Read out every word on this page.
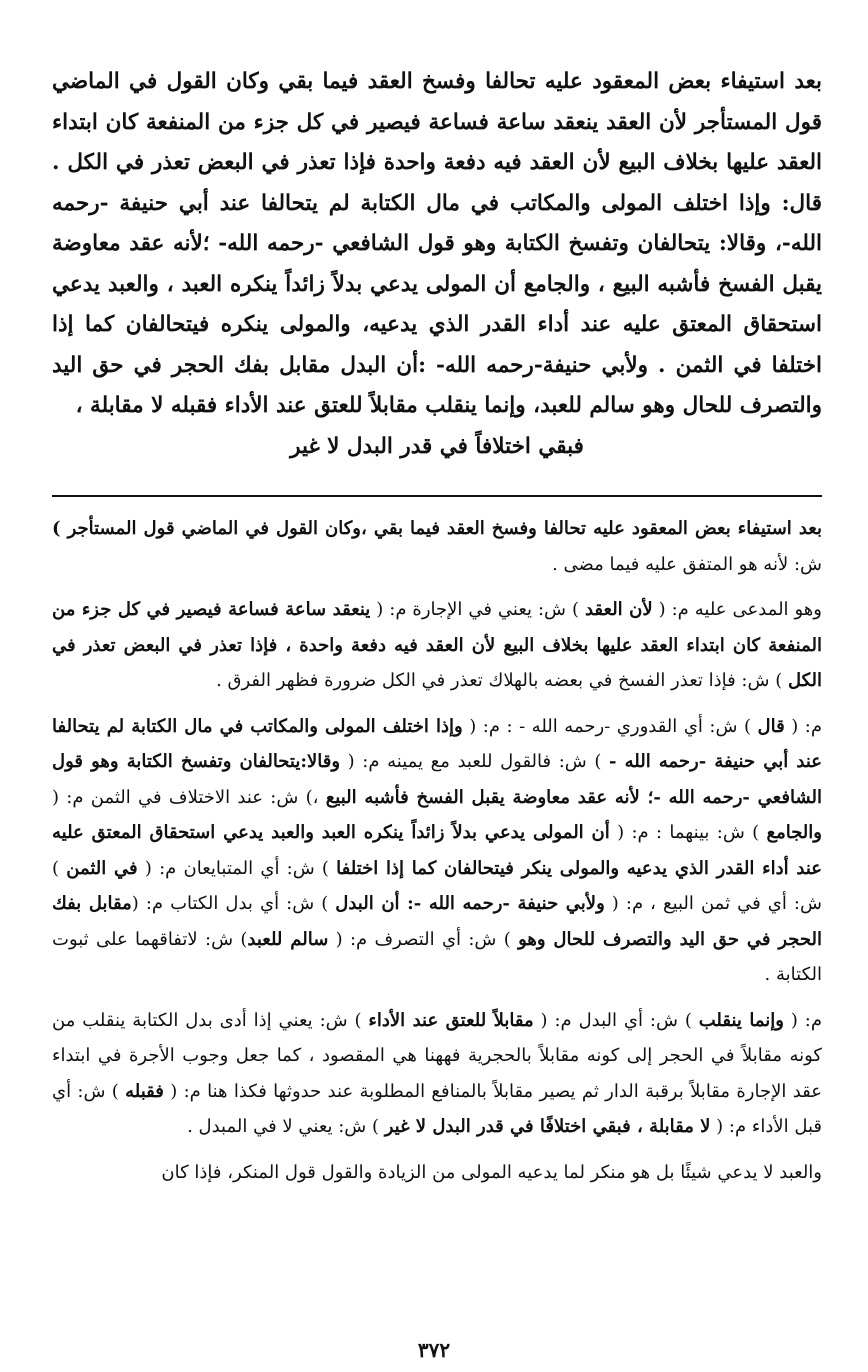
بعد استيفاء بعض المعقود عليه تحالفا وفسخ العقد فيما بقي وكان القول في الماضي قول المستأجر لأن العقد ينعقد ساعة فساعة فيصير في كل جزء من المنفعة كان ابتداء العقد عليها بخلاف البيع لأن العقد فيه دفعة واحدة فإذا تعذر في البعض تعذر في الكل . قال: وإذا اختلف المولى والمكاتب في مال الكتابة لم يتحالفا عند أبي حنيفة -رحمه الله-، وقالا: يتحالفان وتفسخ الكتابة وهو قول الشافعي -رحمه الله- ؛لأنه عقد معاوضة يقبل الفسخ فأشبه البيع ، والجامع أن المولى يدعي بدلاً زائداً ينكره العبد ، والعبد يدعي استحقاق المعتق عليه عند أداء القدر الذي يدعيه، والمولى ينكره فيتحالفان كما إذا اختلفا في الثمن . ولأبي حنيفة-رحمه الله- :أن البدل مقابل بفك الحجر في حق اليد والتصرف للحال وهو سالم للعبد، وإنما ينقلب مقابلاً للعتق عند الأداء فقبله لا مقابلة ،
فبقي اختلافاً في قدر البدل لا غير

بعد استيفاء بعض المعقود عليه تحالفا وفسخ العقد فيما بقي ،وكان القول في الماضي قول المستأجر ) ش: لأنه هو المتفق عليه فيما مضى .

وهو المدعى عليه م: ( لأن العقد ) ش: يعني في الإجارة م: ( ينعقد ساعة فساعة فيصير في كل جزء من المنفعة كان ابتداء العقد عليها بخلاف البيع لأن العقد فيه دفعة واحدة ، فإذا تعذر في البعض تعذر في الكل ) ش: فإذا تعذر الفسخ في بعضه بالهلاك تعذر في الكل ضرورة فظهر الفرق .

م: ( قال ) ش: أي القدوري -رحمه الله - : م: ( وإذا اختلف المولى والمكاتب في مال الكتابة لم يتحالفا عند أبي حنيفة -رحمه الله - ) ش: فالقول للعبد مع يمينه م: ( وقالا:يتحالفان وتفسخ الكتابة وهو قول الشافعي -رحمه الله -؛ لأنه عقد معاوضة يقبل الفسخ فأشبه البيع ،) ش: عند الاختلاف في الثمن م: ( والجامع ) ش: بينهما : م: ( أن المولى يدعي بدلاً زائداً ينكره العبد والعبد يدعي استحقاق المعتق عليه عند أداء القدر الذي يدعيه والمولى ينكر فيتحالفان كما إذا اختلفا ) ش: أي المتبايعان م: ( في الثمن ) ش: أي في ثمن البيع ، م: ( ولأبي حنيفة -رحمه الله -: أن البدل ) ش: أي بدل الكتاب م: (مقابل بفك الحجر في حق اليد والتصرف للحال وهو ) ش: أي التصرف م: ( سالم للعبد) ش: لاتفاقهما على ثبوت الكتابة .

م: ( وإنما ينقلب ) ش: أي البدل م: ( مقابلاً للعتق عند الأداء ) ش: يعني إذا أدى بدل الكتابة ينقلب من كونه مقابلاً في الحجر إلى كونه مقابلاً بالحجرية فههنا هي المقصود ، كما جعل وجوب الأجرة في ابتداء عقد الإجارة مقابلاً برقبة الدار ثم يصير مقابلاً بالمنافع المطلوبة عند حدوثها فكذا هنا م: ( فقبله ) ش: أي قبل الأداء م: ( لا مقابلة ، فبقي اختلافًا في قدر البدل لا غير ) ش: يعني لا في المبدل .

والعبد لا يدعي شيئًا بل هو منكر لما يدعيه المولى من الزيادة والقول قول المنكر، فإذا كان

٣٧٢
